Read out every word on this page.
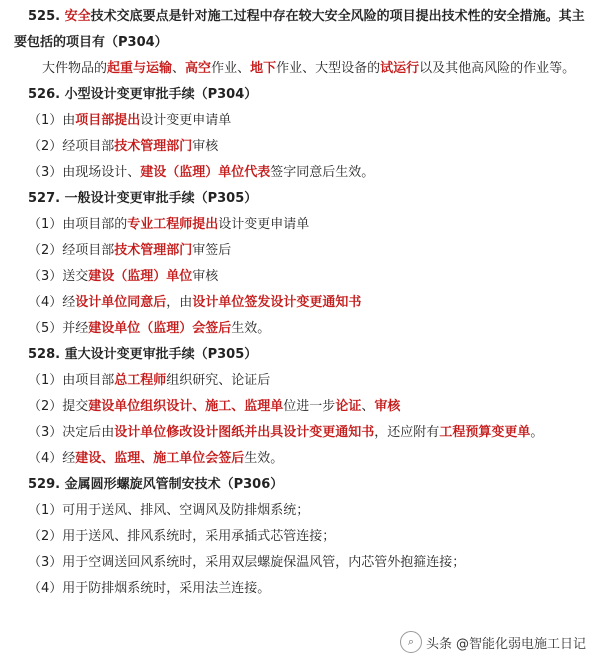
525. 安全技术交底要点是针对施工过程中存在较大安全风险的项目提出技术性的安全措施。其主要包括的项目有（P304）

大件物品的起重与运输、高空作业、地下作业、大型设备的试运行以及其他高风险的作业等。

526. 小型设计变更审批手续（P304）

（1）由项目部提出设计变更申请单

（2）经项目部技术管理部门审核

（3）由现场设计、建设（监理）单位代表签字同意后生效。

527. 一般设计变更审批手续（P305）

（1）由项目部的专业工程师提出设计变更申请单

（2）经项目部技术管理部门审签后

（3）送交建设（监理）单位审核

（4）经设计单位同意后，由设计单位签发设计变更通知书

（5）并经建设单位（监理）会签后生效。

528. 重大设计变更审批手续（P305）

（1）由项目部总工程师组织研究、论证后

（2）提交建设单位组织设计、施工、监理单位进一步论证、审核

（3）决定后由设计单位修改设计图纸并出具设计变更通知书，还应附有工程预算变更单。

（4）经建设、监理、施工单位会签后生效。

529. 金属圆形螺旋风管制安技术（P306）

（1）可用于送风、排风、空调风及防排烟系统；

（2）用于送风、排风系统时，采用承插式芯管连接；

（3）用于空调送回风系统时，采用双层螺旋保温风管，内芯管外抱箍连接；

（4）用于防排烟系统时，采用法兰连接。

⌕ 头条 @智能化弱电施工日记
